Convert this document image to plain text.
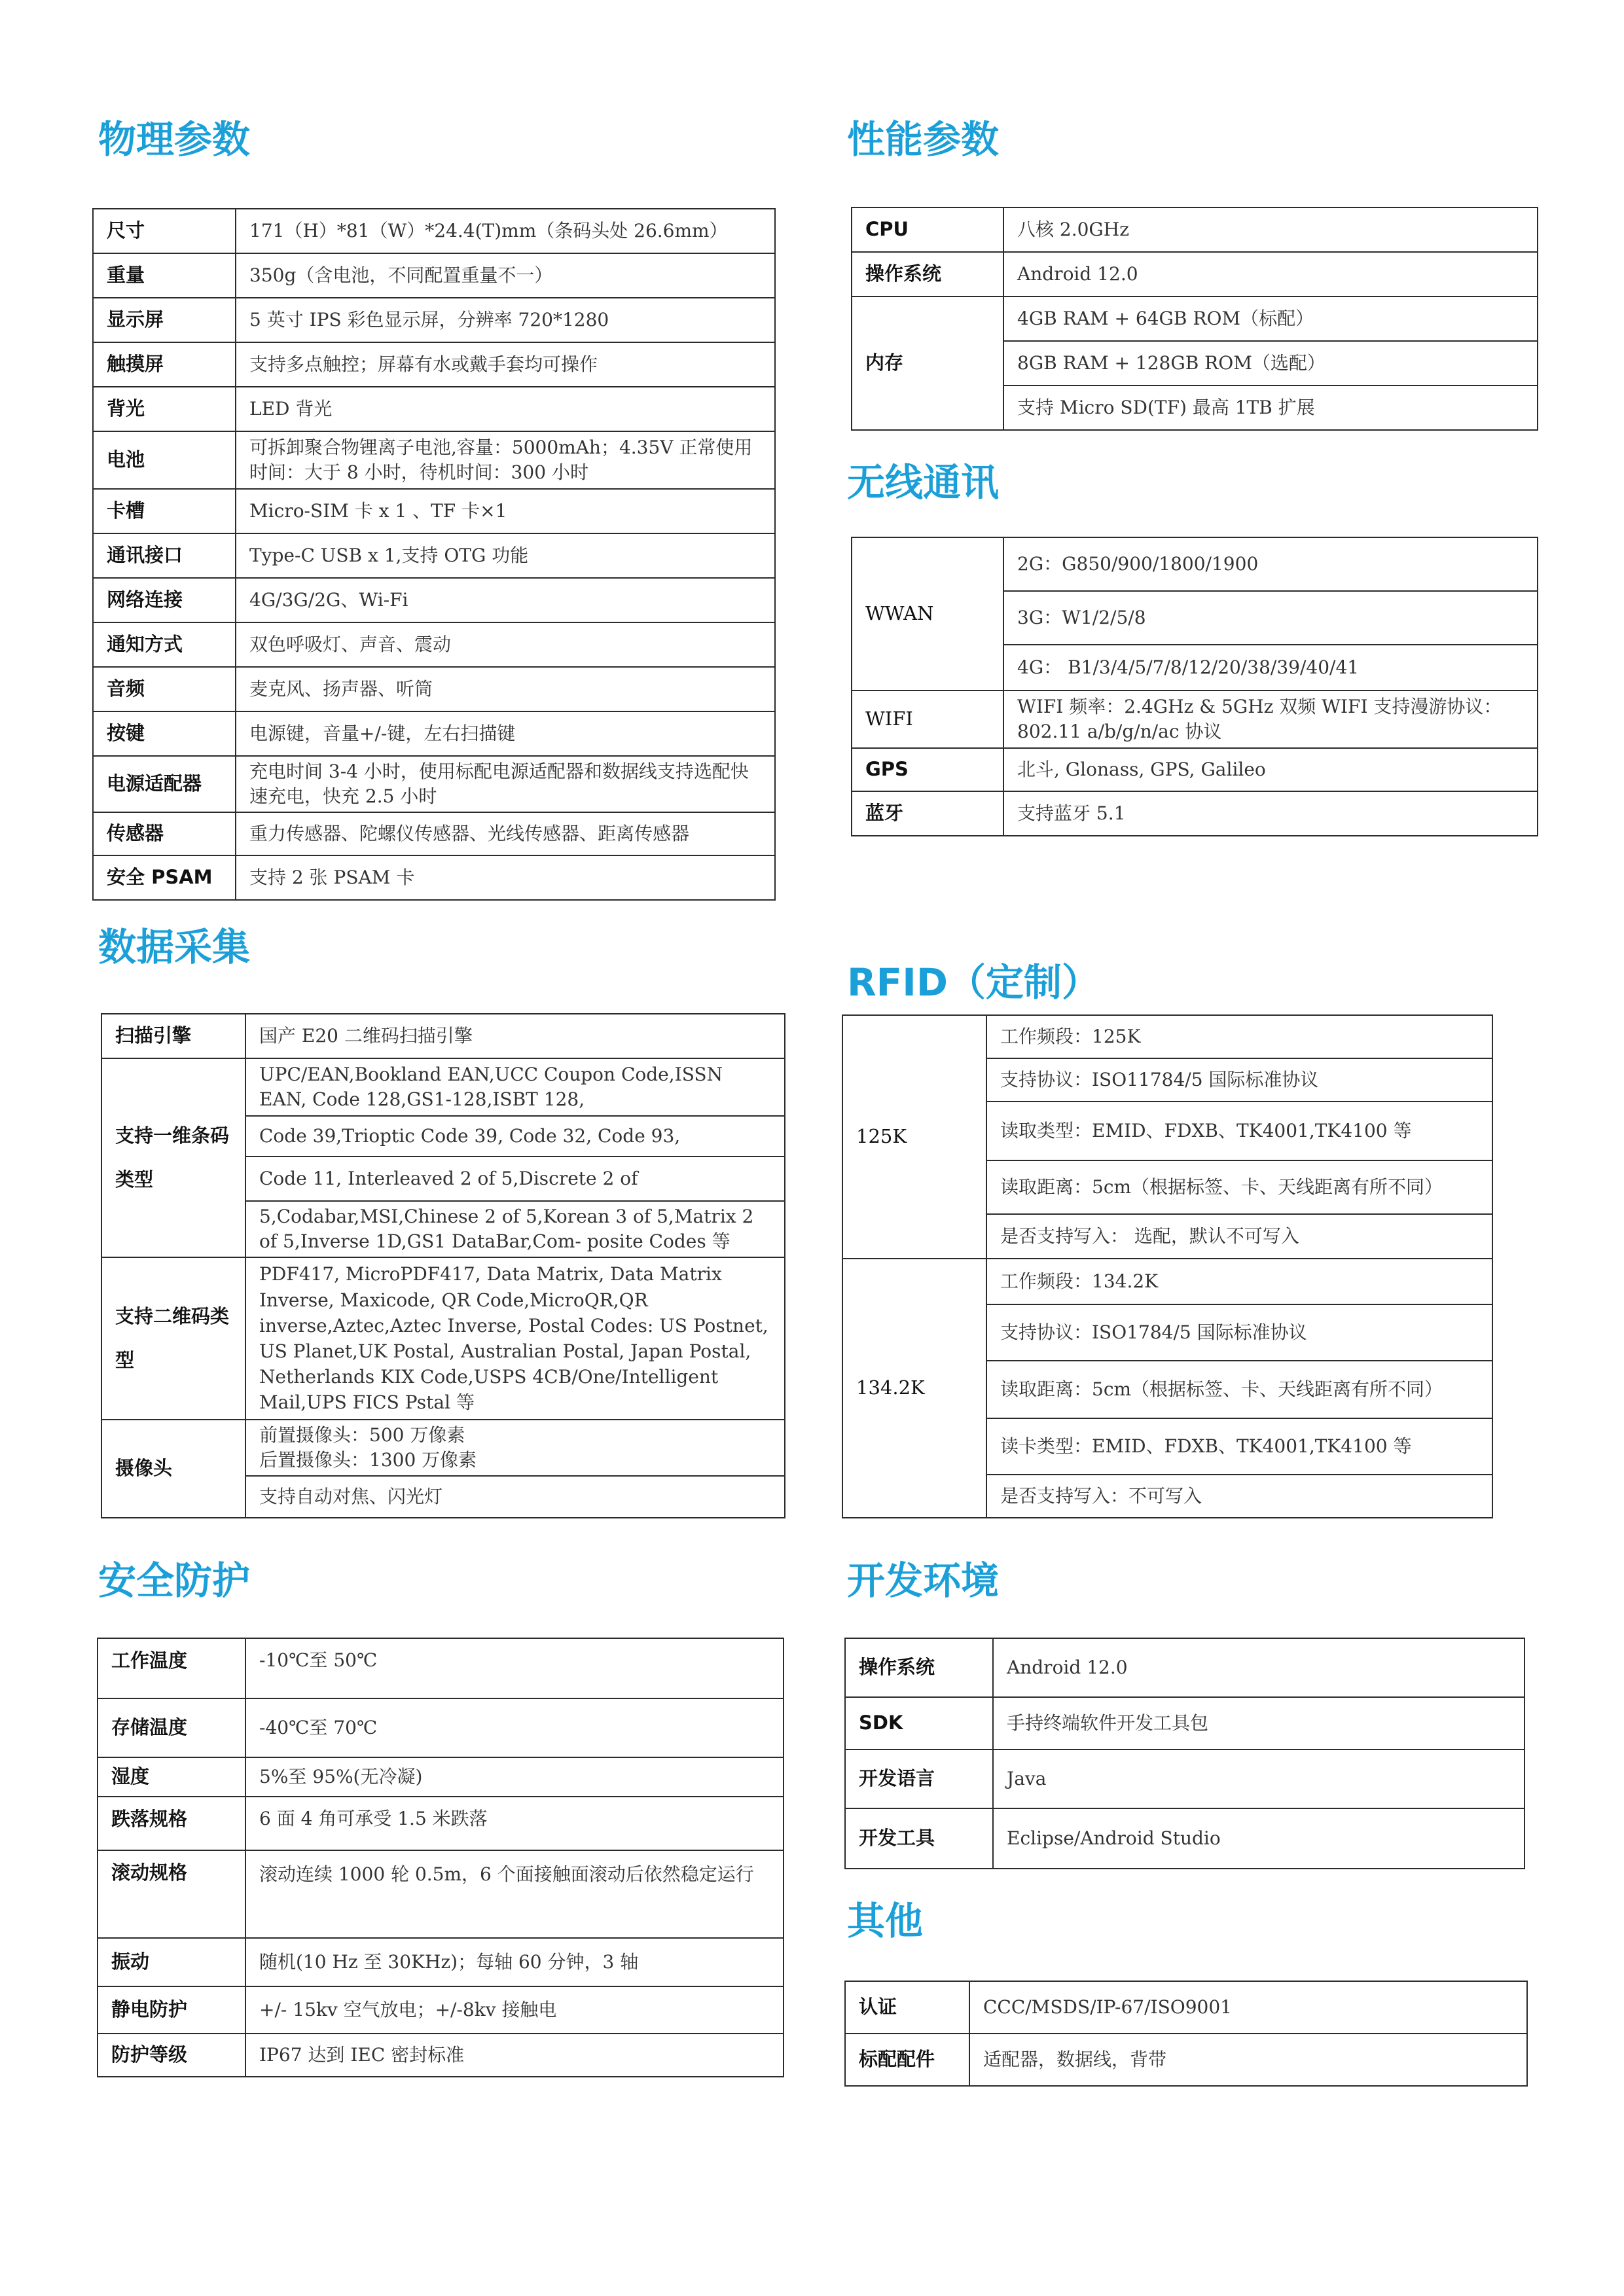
物理参数
尺寸	171（H）*81（W）*24.4(T)mm（条码头处 26.6mm）
重量	350g（含电池，不同配置重量不一）
显示屏	5 英寸 IPS 彩色显示屏，分辨率 720*1280
触摸屏	支持多点触控；屏幕有水或戴手套均可操作
背光	LED 背光
电池	可拆卸聚合物锂离子电池,容量：5000mAh；4.35V 正常使用时间：大于 8 小时，待机时间：300 小时
卡槽	Micro-SIM 卡 x 1 、TF 卡×1
通讯接口	Type-C USB x 1,支持 OTG 功能
网络连接	4G/3G/2G、Wi-Fi
通知方式	双色呼吸灯、声音、震动
音频	麦克风、扬声器、听筒
按键	电源键，音量+/-键，左右扫描键
电源适配器	充电时间 3-4 小时，使用标配电源适配器和数据线支持选配快速充电，快充 2.5 小时
传感器	重力传感器、陀螺仪传感器、光线传感器、距离传感器
安全 PSAM	支持 2 张 PSAM 卡
性能参数
CPU	八核 2.0GHz
操作系统	Android 12.0
内存	4GB RAM + 64GB ROM（标配）
	8GB RAM + 128GB ROM（选配）
	支持 Micro SD(TF) 最高 1TB 扩展
无线通讯
WWAN	2G：G850/900/1800/1900
	3G：W1/2/5/8
	4G： B1/3/4/5/7/8/12/20/38/39/40/41
WIFI	WIFI 频率：2.4GHz & 5GHz 双频 WIFI 支持漫游协议：802.11 a/b/g/n/ac 协议
GPS	北斗, Glonass, GPS, Galileo
蓝牙	支持蓝牙 5.1
数据采集
扫描引擎	国产 E20 二维码扫描引擎
支持一维条码类型	UPC/EAN,Bookland EAN,UCC Coupon Code,ISSN EAN, Code 128,GS1-128,ISBT 128,
	Code 39,Trioptic Code 39, Code 32, Code 93,
	Code 11, Interleaved 2 of 5,Discrete 2 of
	5,Codabar,MSI,Chinese 2 of 5,Korean 3 of 5,Matrix 2 of 5,Inverse 1D,GS1 DataBar,Com- posite Codes 等
支持二维码类型	PDF417, MicroPDF417, Data Matrix, Data Matrix Inverse, Maxicode, QR Code,MicroQR,QR inverse,Aztec,Aztec Inverse, Postal Codes: US Postnet, US Planet,UK Postal, Australian Postal, Japan Postal, Netherlands KIX Code,USPS 4CB/One/Intelligent Mail,UPS FICS Pstal 等
摄像头	前置摄像头：500 万像素
后置摄像头：1300 万像素

	支持自动对焦、闪光灯
RFID（定制）
125K	工作频段：125K
	支持协议：ISO11784/5 国际标准协议
	读取类型：EMID、FDXB、TK4001,TK4100 等
	读取距离：5cm（根据标签、卡、天线距离有所不同）
	是否支持写入： 选配，默认不可写入
134.2K	工作频段：134.2K
	支持协议：ISO1784/5 国际标准协议
	读取距离：5cm（根据标签、卡、天线距离有所不同）
	读卡类型：EMID、FDXB、TK4001,TK4100 等
	是否支持写入：不可写入
安全防护
工作温度	-10℃至 50℃
存储温度	-40℃至 70℃
湿度	5%至 95%(无冷凝)
跌落规格	6 面 4 角可承受 1.5 米跌落
滚动规格	滚动连续 1000 轮 0.5m，6 个面接触面滚动后依然稳定运行
振动	随机(10 Hz 至 30KHz)；每轴 60 分钟，3 轴
静电防护	+/- 15kv 空气放电；+/-8kv 接触电
防护等级	IP67 达到 IEC 密封标准
开发环境
操作系统	Android 12.0
SDK	手持终端软件开发工具包
开发语言	Java
开发工具	Eclipse/Android Studio
其他
认证	CCC/MSDS/IP-67/ISO9001
标配配件	适配器，数据线，背带
